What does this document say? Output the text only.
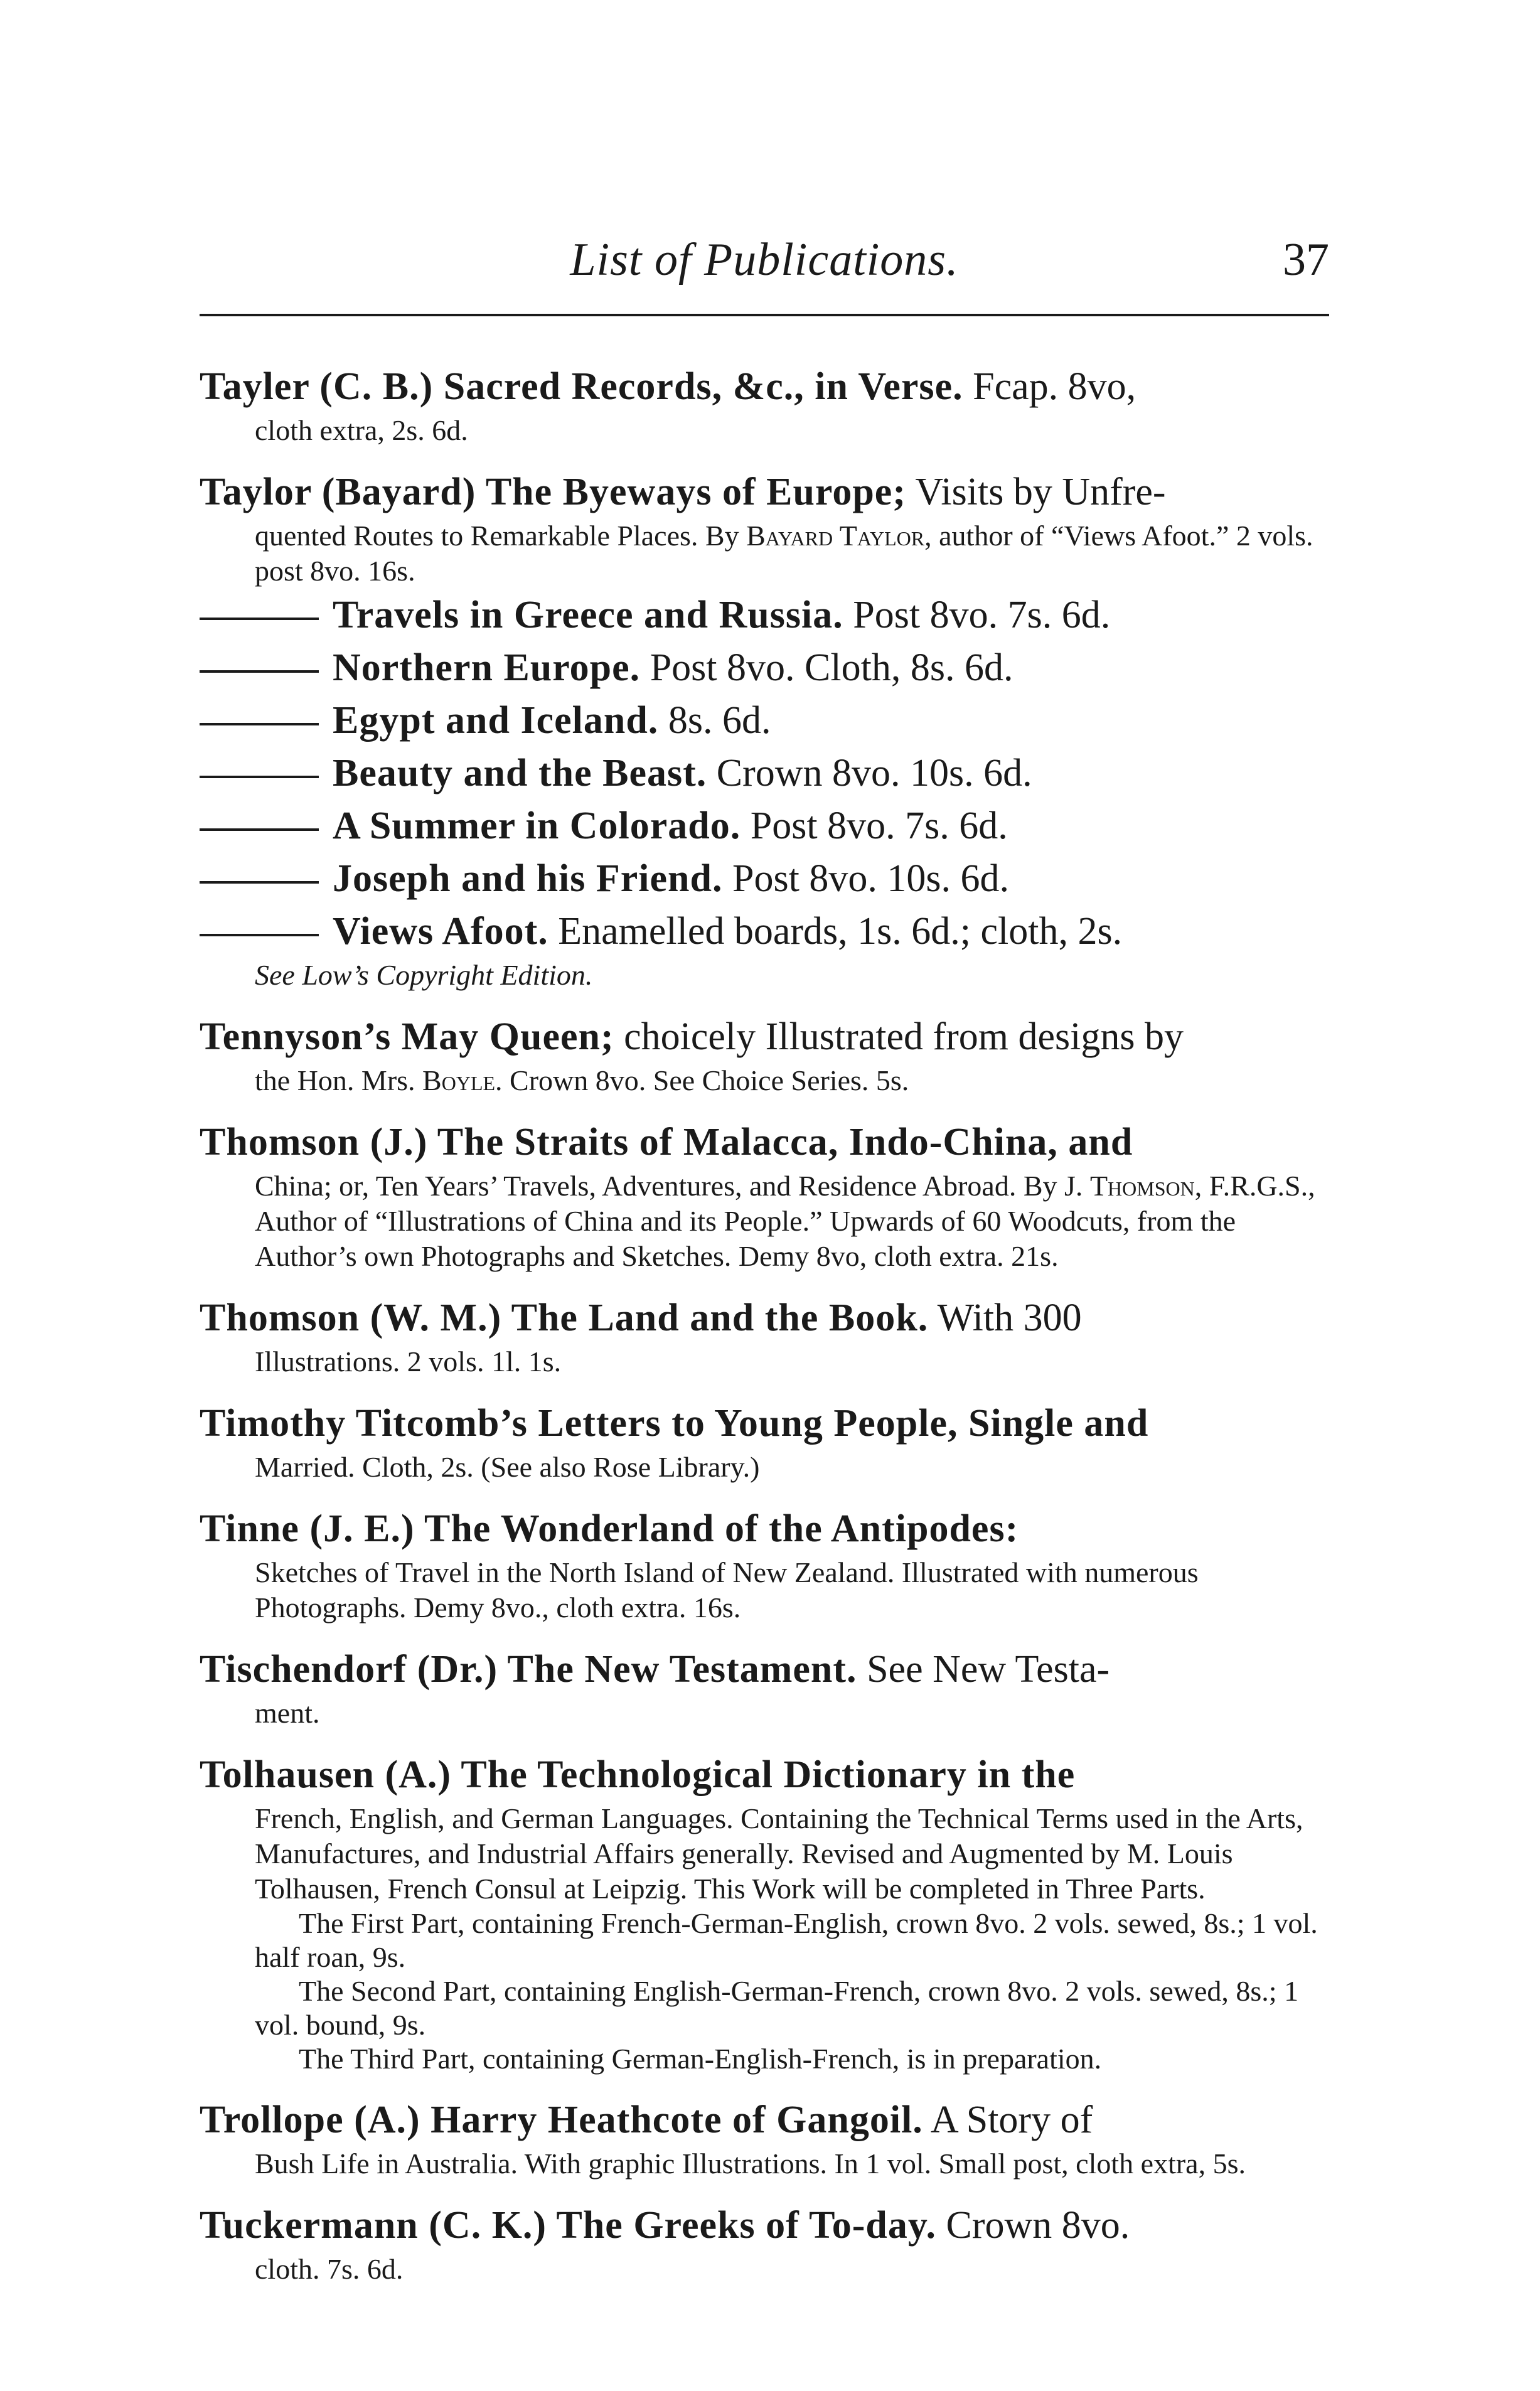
List of Publications.	37
Tayler (C. B.) Sacred Records, &c., in Verse. Fcap. 8vo,
cloth extra, 2s. 6d.
Taylor (Bayard) The Byeways of Europe; Visits by Unfre-
quented Routes to Remarkable Places. By Bayard Taylor, author of “Views Afoot.” 2 vols. post 8vo. 16s.
Travels in Greece and Russia. Post 8vo. 7s. 6d.
Northern Europe. Post 8vo. Cloth, 8s. 6d.
Egypt and Iceland. 8s. 6d.
Beauty and the Beast. Crown 8vo. 10s. 6d.
A Summer in Colorado. Post 8vo. 7s. 6d.
Joseph and his Friend. Post 8vo. 10s. 6d.
Views Afoot. Enamelled boards, 1s. 6d.; cloth, 2s.
See Low’s Copyright Edition.
Tennyson’s May Queen; choicely Illustrated from designs by
the Hon. Mrs. Boyle. Crown 8vo. See Choice Series. 5s.
Thomson (J.) The Straits of Malacca, Indo-China, and
China; or, Ten Years’ Travels, Adventures, and Residence Abroad. By J. Thomson, F.R.G.S., Author of “Illustrations of China and its People.” Upwards of 60 Woodcuts, from the Author’s own Photographs and Sketches. Demy 8vo, cloth extra. 21s.
Thomson (W. M.) The Land and the Book. With 300
Illustrations. 2 vols. 1l. 1s.
Timothy Titcomb’s Letters to Young People, Single and
Married. Cloth, 2s. (See also Rose Library.)
Tinne (J. E.) The Wonderland of the Antipodes:
Sketches of Travel in the North Island of New Zealand. Illustrated with numerous Photographs. Demy 8vo., cloth extra. 16s.
Tischendorf (Dr.) The New Testament. See New Testa-
ment.
Tolhausen (A.) The Technological Dictionary in the
French, English, and German Languages. Containing the Technical Terms used in the Arts, Manufactures, and Industrial Affairs generally. Revised and Augmented by M. Louis Tolhausen, French Consul at Leipzig. This Work will be completed in Three Parts.
The First Part, containing French-German-English, crown 8vo. 2 vols. sewed, 8s.; 1 vol. half roan, 9s.
The Second Part, containing English-German-French, crown 8vo. 2 vols. sewed, 8s.; 1 vol. bound, 9s.
The Third Part, containing German-English-French, is in preparation.
Trollope (A.) Harry Heathcote of Gangoil. A Story of
Bush Life in Australia. With graphic Illustrations. In 1 vol. Small post, cloth extra, 5s.
Tuckermann (C. K.) The Greeks of To-day. Crown 8vo.
cloth. 7s. 6d.
